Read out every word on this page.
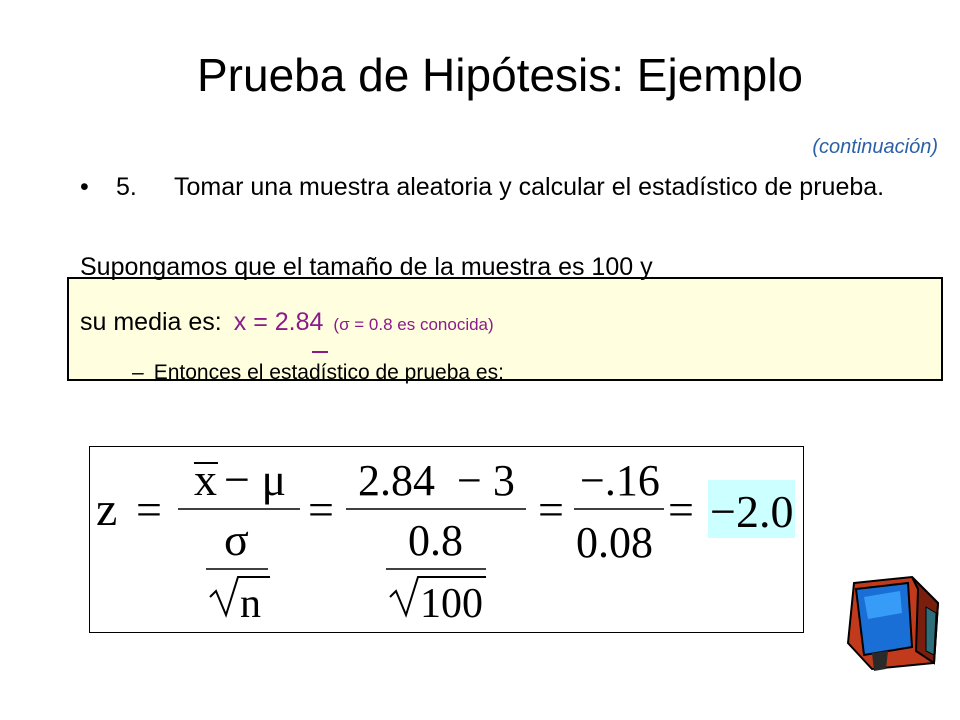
Prueba de Hipótesis: Ejemplo
(continuación)
• 5. Tomar una muestra aleatoria y calcular el estadístico de prueba.
Supongamos que el tamaño de la muestra es 100 y
su media es: x = 2.84 (σ = 0.8 es conocida)
– Entonces el estadístico de prueba es:
z =
x − μ
σ
n
=
2.84  − 3
0.8
100
=
−.16
0.08
= −2.0
